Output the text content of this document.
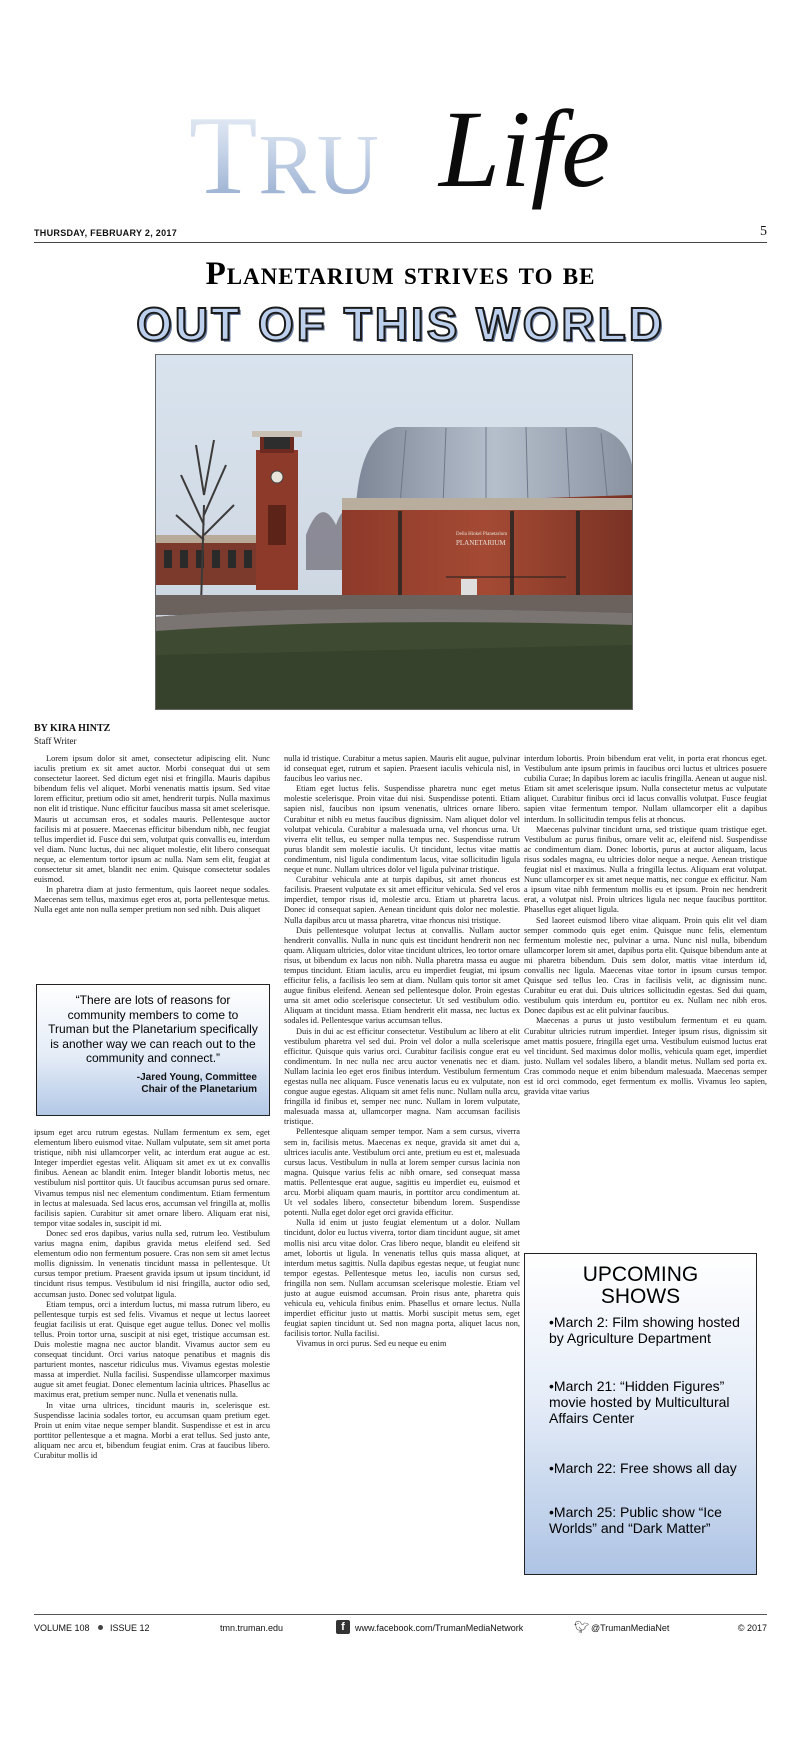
TRU Life
THURSDAY, FEBRUARY 2, 2017	5
Planetarium strives to be
OUT OF THIS WORLD
Della Hinkel Planetarium
PLANETARIUM
BY KIRA HINTZ
Staff Writer

Lorem ipsum dolor sit amet, consectetur adipiscing elit. Nunc iaculis pretium ex sit amet auctor. Morbi consequat dui ut sem consectetur laoreet. Sed dictum eget nisi et fringilla. Mauris dapibus bibendum felis vel aliquet. Morbi venenatis mattis ipsum. Sed vitae lorem efficitur, pretium odio sit amet, hendrerit turpis. Nulla maximus non elit id tristique. Nunc efficitur faucibus massa sit amet scelerisque. Mauris ut accumsan eros, et sodales mauris. Pellentesque auctor facilisis mi at posuere. Maecenas efficitur bibendum nibh, nec feugiat tellus imperdiet id. Fusce dui sem, volutpat quis convallis eu, interdum vel diam. Nunc luctus, dui nec aliquet molestie, elit libero consequat neque, ac elementum tortor ipsum ac nulla. Nam sem elit, feugiat at consectetur sit amet, blandit nec enim. Quisque consectetur sodales euismod.

In pharetra diam at justo fermentum, quis laoreet neque sodales. Maecenas sem tellus, maximus eget eros at, porta pellentesque metus. Nulla eget ante non nulla semper pretium non sed nibh. Duis aliquet

“There are lots of reasons for community members to come to Truman but the Planetarium specifically is another way we can reach out to the community and connect.”
-Jared Young, Committee
Chair of the Planetarium

ipsum eget arcu rutrum egestas. Nullam fermentum ex sem, eget elementum libero euismod vitae. Nullam vulputate, sem sit amet porta tristique, nibh nisi ullamcorper velit, ac interdum erat augue ac est. Integer imperdiet egestas velit. Aliquam sit amet ex ut ex convallis finibus. Aenean ac blandit enim. Integer blandit lobortis metus, nec vestibulum nisl porttitor quis. Ut faucibus accumsan purus sed ornare. Vivamus tempus nisl nec elementum condimentum. Etiam fermentum in lectus at malesuada. Sed lacus eros, accumsan vel fringilla at, mollis facilisis sapien. Curabitur sit amet ornare libero. Aliquam erat nisi, tempor vitae sodales in, suscipit id mi.

Donec sed eros dapibus, varius nulla sed, rutrum leo. Vestibulum varius magna enim, dapibus gravida metus eleifend sed. Sed elementum odio non fermentum posuere. Cras non sem sit amet lectus mollis dignissim. In venenatis tincidunt massa in pellentesque. Ut cursus tempor pretium. Praesent gravida ipsum ut ipsum tincidunt, id tincidunt risus tempus. Vestibulum id nisi fringilla, auctor odio sed, accumsan justo. Donec sed volutpat ligula.

Etiam tempus, orci a interdum luctus, mi massa rutrum libero, eu pellentesque turpis est sed felis. Vivamus et neque ut lectus laoreet feugiat facilisis ut erat. Quisque eget augue tellus. Donec vel mollis tellus. Proin tortor urna, suscipit at nisi eget, tristique accumsan est. Duis molestie magna nec auctor blandit. Vivamus auctor sem eu consequat tincidunt. Orci varius natoque penatibus et magnis dis parturient montes, nascetur ridiculus mus. Vivamus egestas molestie massa at imperdiet. Nulla facilisi. Suspendisse ullamcorper maximus augue sit amet feugiat. Donec elementum lacinia ultrices. Phasellus ac maximus erat, pretium semper nunc. Nulla et venenatis nulla.

In vitae urna ultrices, tincidunt mauris in, scelerisque est. Suspendisse lacinia sodales tortor, eu accumsan quam pretium eget. Proin ut enim vitae neque semper blandit. Suspendisse et est in arcu porttitor pellentesque a et magna. Morbi a erat tellus. Sed justo ante, aliquam nec arcu et, bibendum feugiat enim. Cras at faucibus libero. Curabitur mollis id

nulla id tristique. Curabitur a metus sapien. Mauris elit augue, pulvinar id consequat eget, rutrum et sapien. Praesent iaculis vehicula nisl, in faucibus leo varius nec.

Etiam eget luctus felis. Suspendisse pharetra nunc eget metus molestie scelerisque. Proin vitae dui nisi. Suspendisse potenti. Etiam sapien nisl, faucibus non ipsum venenatis, ultrices ornare libero. Curabitur et nibh eu metus faucibus dignissim. Nam aliquet dolor vel volutpat vehicula. Curabitur a malesuada urna, vel rhoncus urna. Ut viverra elit tellus, eu semper nulla tempus nec. Suspendisse rutrum purus blandit sem molestie iaculis. Ut tincidunt, lectus vitae mattis condimentum, nisl ligula condimentum lacus, vitae sollicitudin ligula neque et nunc. Nullam ultrices dolor vel ligula pulvinar tristique.

Curabitur vehicula ante at turpis dapibus, sit amet rhoncus est facilisis. Praesent vulputate ex sit amet efficitur vehicula. Sed vel eros imperdiet, tempor risus id, molestie arcu. Etiam ut pharetra lacus. Donec id consequat sapien. Aenean tincidunt quis dolor nec molestie. Nulla dapibus arcu ut massa pharetra, vitae rhoncus nisi tristique.

Duis pellentesque volutpat lectus at convallis. Nullam auctor hendrerit convallis. Nulla in nunc quis est tincidunt hendrerit non nec quam. Aliquam ultricies, dolor vitae tincidunt ultrices, leo tortor ornare risus, ut bibendum ex lacus non nibh. Nulla pharetra massa eu augue tempus tincidunt. Etiam iaculis, arcu eu imperdiet feugiat, mi ipsum efficitur felis, a facilisis leo sem at diam. Nullam quis tortor sit amet augue finibus eleifend. Aenean sed pellentesque dolor. Proin egestas urna sit amet odio scelerisque consectetur. Ut sed vestibulum odio. Aliquam at tincidunt massa. Etiam hendrerit elit massa, nec luctus ex sodales id. Pellentesque varius accumsan tellus.

Duis in dui ac est efficitur consectetur. Vestibulum ac libero at elit vestibulum pharetra vel sed dui. Proin vel dolor a nulla scelerisque efficitur. Quisque quis varius orci. Curabitur facilisis congue erat eu condimentum. In nec nulla nec arcu auctor venenatis nec et diam. Nullam lacinia leo eget eros finibus interdum. Vestibulum fermentum egestas nulla nec aliquam. Fusce venenatis lacus eu ex vulputate, non congue augue egestas. Aliquam sit amet felis nunc. Nullam nulla arcu, fringilla id finibus et, semper nec nunc. Nullam in lorem vulputate, malesuada massa at, ullamcorper magna. Nam accumsan facilisis tristique.

Pellentesque aliquam semper tempor. Nam a sem cursus, viverra sem in, facilisis metus. Maecenas ex neque, gravida sit amet dui a, ultrices iaculis ante. Vestibulum orci ante, pretium eu est et, malesuada cursus lacus. Vestibulum in nulla at lorem semper cursus lacinia non magna. Quisque varius felis ac nibh ornare, sed consequat massa mattis. Pellentesque erat augue, sagittis eu imperdiet eu, euismod et arcu. Morbi aliquam quam mauris, in porttitor arcu condimentum at. Ut vel sodales libero, consectetur bibendum lorem. Suspendisse potenti. Nulla eget dolor eget orci gravida efficitur.

Nulla id enim ut justo feugiat elementum ut a dolor. Nullam tincidunt, dolor eu luctus viverra, tortor diam tincidunt augue, sit amet mollis nisi arcu vitae dolor. Cras libero neque, blandit eu eleifend sit amet, lobortis ut ligula. In venenatis tellus quis massa aliquet, at interdum metus sagittis. Nulla dapibus egestas neque, ut feugiat nunc tempor egestas. Pellentesque metus leo, iaculis non cursus sed, fringilla non sem. Nullam accumsan scelerisque molestie. Etiam vel justo at augue euismod accumsan. Proin risus ante, pharetra quis vehicula eu, vehicula finibus enim. Phasellus et ornare lectus. Nulla imperdiet efficitur justo ut mattis. Morbi suscipit metus sem, eget feugiat sapien tincidunt ut. Sed non magna porta, aliquet lacus non, facilisis tortor. Nulla facilisi.

Vivamus in orci purus. Sed eu neque eu enim

interdum lobortis. Proin bibendum erat velit, in porta erat rhoncus eget. Vestibulum ante ipsum primis in faucibus orci luctus et ultrices posuere cubilia Curae; In dapibus lorem ac iaculis fringilla. Aenean ut augue nisl. Etiam sit amet scelerisque ipsum. Nulla consectetur metus ac vulputate aliquet. Curabitur finibus orci id lacus convallis volutpat. Fusce feugiat sapien vitae fermentum tempor. Nullam ullamcorper elit a dapibus interdum. In sollicitudin tempus felis at rhoncus.

Maecenas pulvinar tincidunt urna, sed tristique quam tristique eget. Vestibulum ac purus finibus, ornare velit ac, eleifend nisl. Suspendisse ac condimentum diam. Donec lobortis, purus at auctor aliquam, lacus risus sodales magna, eu ultricies dolor neque a neque. Aenean tristique feugiat nisl et maximus. Nulla a fringilla lectus. Aliquam erat volutpat. Nunc ullamcorper ex sit amet neque mattis, nec congue ex efficitur. Nam a ipsum vitae nibh fermentum mollis eu et ipsum. Proin nec hendrerit erat, a volutpat nisl. Proin ultrices ligula nec neque faucibus porttitor. Phasellus eget aliquet ligula.

Sed laoreet euismod libero vitae aliquam. Proin quis elit vel diam semper commodo quis eget enim. Quisque nunc felis, elementum fermentum molestie nec, pulvinar a urna. Nunc nisl nulla, bibendum ullamcorper lorem sit amet, dapibus porta elit. Quisque bibendum ante at mi pharetra bibendum. Duis sem dolor, mattis vitae interdum id, convallis nec ligula. Maecenas vitae tortor in ipsum cursus tempor. Quisque sed tellus leo. Cras in facilisis velit, ac dignissim nunc. Curabitur eu erat dui. Duis ultrices sollicitudin egestas. Sed dui quam, vestibulum quis interdum eu, porttitor eu ex. Nullam nec nibh eros. Donec dapibus est ac elit pulvinar faucibus.

Maecenas a purus ut justo vestibulum fermentum et eu quam. Curabitur ultricies rutrum imperdiet. Integer ipsum risus, dignissim sit amet mattis posuere, fringilla eget urna. Vestibulum euismod luctus erat vel tincidunt. Sed maximus dolor mollis, vehicula quam eget, imperdiet justo. Nullam vel sodales libero, a blandit metus. Nullam sed porta ex. Cras commodo neque et enim bibendum malesuada. Maecenas semper est id orci commodo, eget fermentum ex mollis. Vivamus leo sapien, gravida vitae varius

UPCOMING
SHOWS
•March 2: Film showing hosted by Agriculture Department
•March 21: “Hidden Figures” movie hosted by Multicultural Affairs Center
•March 22: Free shows all day
•March 25: Public show “Ice Worlds” and “Dark Matter”
VOLUME 108 ISSUE 12	tmn.truman.edu	f	www.facebook.com/TrumanMediaNetwork	🐦︎ @TrumanMediaNet	© 2017
